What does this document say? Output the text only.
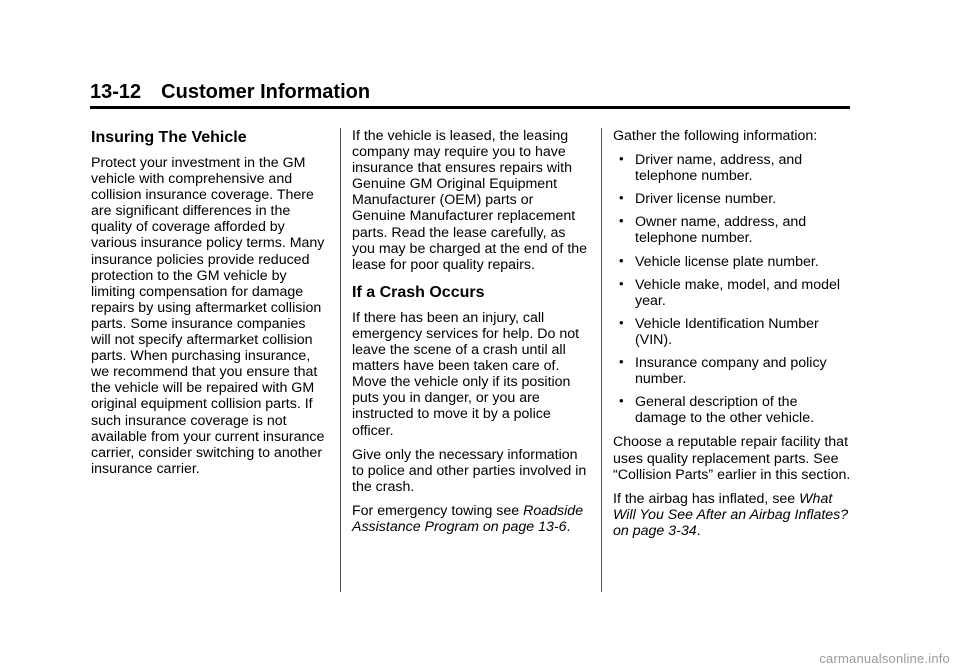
13-12 Customer Information
Insuring The Vehicle

Protect your investment in the GM vehicle with comprehensive and collision insurance coverage. There are significant differences in the quality of coverage afforded by various insurance policy terms. Many insurance policies provide reduced protection to the GM vehicle by limiting compensation for damage repairs by using aftermarket collision parts. Some insurance companies will not specify aftermarket collision parts. When purchasing insurance, we recommend that you ensure that the vehicle will be repaired with GM original equipment collision parts. If such insurance coverage is not available from your current insurance carrier, consider switching to another insurance carrier.

If the vehicle is leased, the leasing company may require you to have insurance that ensures repairs with Genuine GM Original Equipment Manufacturer (OEM) parts or Genuine Manufacturer replacement parts. Read the lease carefully, as you may be charged at the end of the lease for poor quality repairs.

If a Crash Occurs

If there has been an injury, call emergency services for help. Do not leave the scene of a crash until all matters have been taken care of. Move the vehicle only if its position puts you in danger, or you are instructed to move it by a police officer.

Give only the necessary information to police and other parties involved in the crash.

For emergency towing see Roadside Assistance Program on page 13-6.

Gather the following information:

• Driver name, address, and telephone number.
• Driver license number.
• Owner name, address, and telephone number.
• Vehicle license plate number.
• Vehicle make, model, and model year.
• Vehicle Identification Number (VIN).
• Insurance company and policy number.
• General description of the damage to the other vehicle.

Choose a reputable repair facility that uses quality replacement parts. See “Collision Parts” earlier in this section.

If the airbag has inflated, see What Will You See After an Airbag Inflates? on page 3-34.

carmanualsonline.info
